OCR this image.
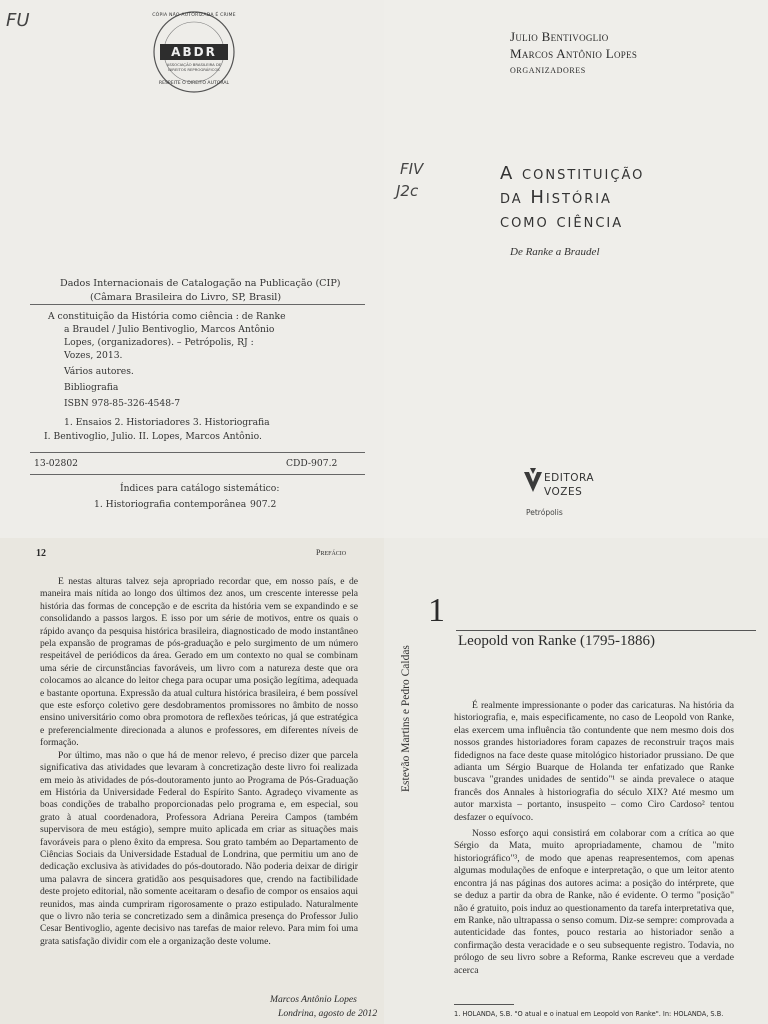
FU	CÓPIA NÃO AUTORIZADA É CRIME
ABDR
ASSOCIAÇÃO BRASILEIRA DE DIREITOS REPROGRÁFICOS
RESPEITE O DIREITO AUTORAL
Dados Internacionais de Catalogação na Publicação (CIP)
(Câmara Brasileira do Livro, SP, Brasil)
A constituição da História como ciência : de Ranke
a Braudel / Julio Bentivoglio, Marcos Antônio
Lopes, (organizadores). – Petrópolis, RJ :
Vozes, 2013.
Vários autores.
Bibliografia
ISBN 978-85-326-4548-7
1. Ensaios 2. Historiadores 3. Historiografia
I. Bentivoglio, Julio. II. Lopes, Marcos Antônio.
13-02802	CDD-907.2
Índices para catálogo sistemático:
1. Historiografia contemporânea 907.2
Julio Bentivoglio
Marcos Antônio Lopes
organizadores
FIV
J2c
A constituição
da História
como ciência
De Ranke a Braudel
EDITORA
VOZES
Petrópolis
12	Prefácio

E nestas alturas talvez seja apropriado recordar que, em nosso país, e de maneira mais nítida ao longo dos últimos dez anos, um crescente interesse pela história das formas de concepção e de escrita da história vem se expandindo e se consolidando a passos largos. E isso por um série de motivos, entre os quais o rápido avanço da pesquisa histórica brasileira, diagnosticado de modo instantâneo pela expansão de programas de pós-graduação e pelo surgimento de um número respeitável de periódicos da área. Gerado em um contexto no qual se combinam uma série de circunstâncias favoráveis, um livro com a natureza deste que ora colocamos ao alcance do leitor chega para ocupar uma posição legítima, adequada e bastante oportuna. Expressão da atual cultura histórica brasileira, é bem possível que este esforço coletivo gere desdobramentos promissores no âmbito de nosso ensino universitário como obra promotora de reflexões teóricas, já que estratégica e preferencialmente direcionada a alunos e professores, em diferentes níveis de formação.

Por último, mas não o que há de menor relevo, é preciso dizer que parcela significativa das atividades que levaram à concretização deste livro foi realizada em meio às atividades de pós-doutoramento junto ao Programa de Pós-Graduação em História da Universidade Federal do Espírito Santo. Agradeço vivamente as boas condições de trabalho proporcionadas pelo programa e, em especial, sou grato à atual coordenadora, Professora Adriana Pereira Campos (também supervisora de meu estágio), sempre muito aplicada em criar as situações mais favoráveis para o pleno êxito da empresa. Sou grato também ao Departamento de Ciências Sociais da Universidade Estadual de Londrina, que permitiu um ano de dedicação exclusiva às atividades do pós-doutorado. Não poderia deixar de dirigir uma palavra de sincera gratidão aos pesquisadores que, crendo na factibilidade deste projeto editorial, não somente aceitaram o desafio de compor os ensaios aqui reunidos, mas ainda cumpriram rigorosamente o prazo estipulado. Naturalmente que o livro não teria se concretizado sem a dinâmica presença do Professor Julio Cesar Bentivoglio, agente decisivo nas tarefas de maior relevo. Para mim foi uma grata satisfação dividir com ele a organização deste volume.

Marcos Antônio Lopes
Londrina, agosto de 2012
1
Leopold von Ranke (1795-1886)
Estevão Martins e Pedro Caldas	É realmente impressionante o poder das caricaturas. Na história da historiografia, e, mais especificamente, no caso de Leopold von Ranke, elas exercem uma influência tão contundente que nem mesmo dois dos nossos grandes historiadores foram capazes de reconstruir traços mais fidedignos na face deste quase mitológico historiador prussiano. De que adianta um Sérgio Buarque de Holanda ter enfatizado que Ranke buscava "grandes unidades de sentido"¹ se ainda prevalece o ataque francês dos Annales à historiografia do século XIX? Até mesmo um autor marxista – portanto, insuspeito – como Ciro Cardoso² tentou desfazer o equívoco.

Nosso esforço aqui consistirá em colaborar com a crítica ao que Sérgio da Mata, muito apropriadamente, chamou de "mito historiográfico"³, de modo que apenas reapresentemos, com apenas algumas modulações de enfoque e interpretação, o que um leitor atento encontra já nas páginas dos autores acima: a posição do intérprete, que se deduz a partir da obra de Ranke, não é evidente. O termo "posição" não é gratuito, pois induz ao questionamento da tarefa interpretativa que, em Ranke, não ultrapassa o senso comum. Diz-se sempre: comprovada a autenticidade das fontes, pouco restaria ao historiador senão a confirmação desta veracidade e o seu subsequente registro. Todavia, no prólogo de seu livro sobre a Reforma, Ranke escreveu que a verdade acerca

1. HOLANDA, S.B. "O atual e o inatual em Leopold von Ranke". In: HOLANDA, S.B.
